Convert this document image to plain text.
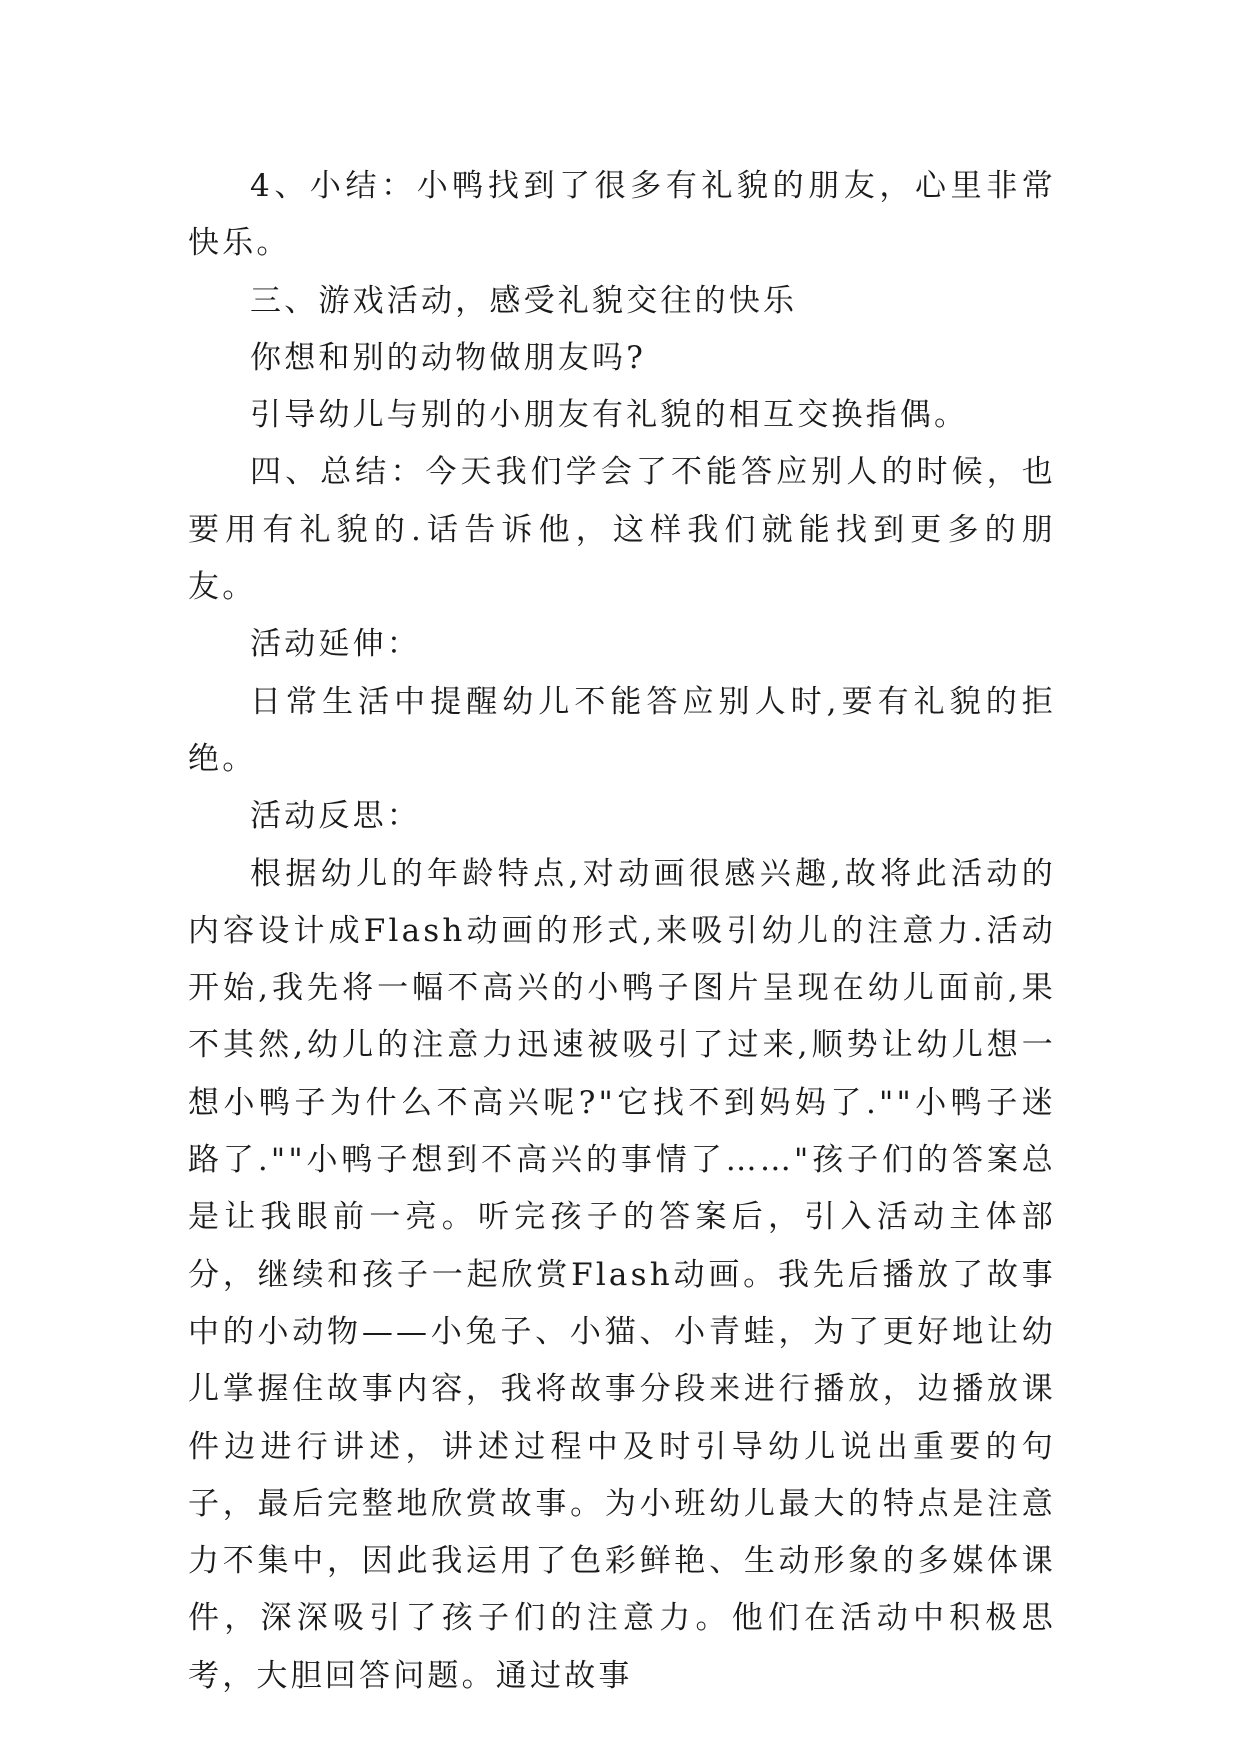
4、小结：小鸭找到了很多有礼貌的朋友，心里非常快乐。

三、游戏活动，感受礼貌交往的快乐

你想和别的动物做朋友吗?

引导幼儿与别的小朋友有礼貌的相互交换指偶。

四、总结：今天我们学会了不能答应别人的时候，也要用有礼貌的.话告诉他，这样我们就能找到更多的朋友。

活动延伸：

日常生活中提醒幼儿不能答应别人时,要有礼貌的拒绝。

活动反思：

根据幼儿的年龄特点,对动画很感兴趣,故将此活动的内容设计成Flash动画的形式,来吸引幼儿的注意力.活动开始,我先将一幅不高兴的小鸭子图片呈现在幼儿面前,果不其然,幼儿的注意力迅速被吸引了过来,顺势让幼儿想一想小鸭子为什么不高兴呢?"它找不到妈妈了.""小鸭子迷路了.""小鸭子想到不高兴的事情了……"孩子们的答案总是让我眼前一亮。听完孩子的答案后，引入活动主体部分，继续和孩子一起欣赏Flash动画。我先后播放了故事中的小动物——小兔子、小猫、小青蛙，为了更好地让幼儿掌握住故事内容，我将故事分段来进行播放，边播放课件边进行讲述，讲述过程中及时引导幼儿说出重要的句子，最后完整地欣赏故事。为小班幼儿最大的特点是注意力不集中，因此我运用了色彩鲜艳、生动形象的多媒体课件，深深吸引了孩子们的注意力。他们在活动中积极思考，大胆回答问题。通过故事
